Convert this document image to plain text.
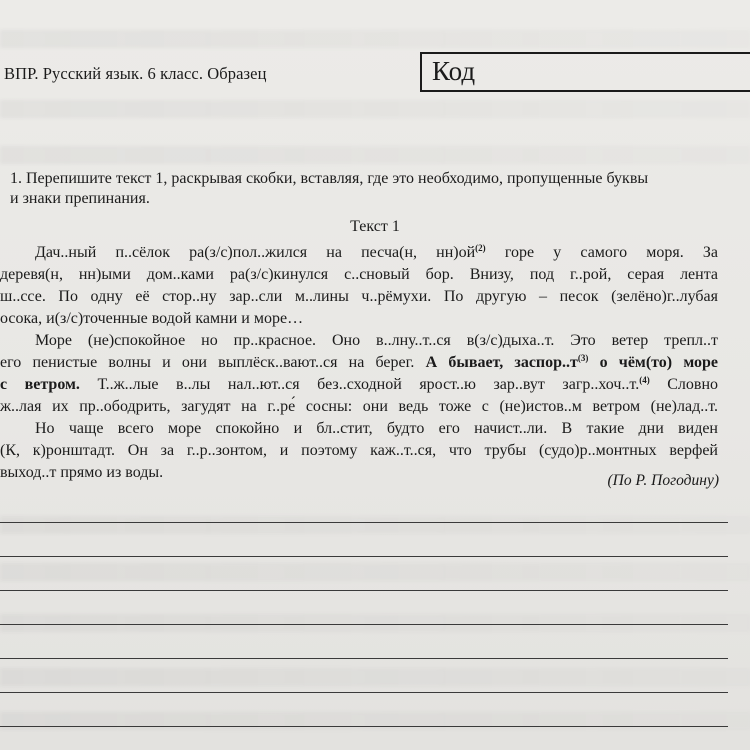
ВПР. Русский язык. 6 класс. Образец	Код
1. Перепишите текст 1, раскрывая скобки, вставляя, где это необходимо, пропущенные буквы
и знаки препинания.
Текст 1
Дач..ный п..сёлок ра(з/с)пол..жился на песча(н, $нн)ой^{(2)}$ горе у самого моря. За
деревя(н, нн)ыми дом..ками ра(з/с)кинулся с..сновый бор. Внизу, под г..рой, серая лента
ш..ссе. По одну её стор..ну зар..сли м..лины ч..рёмухи. По другую – песок (зелёно)г..лубая
осока, и(з/с)точенные водой камни и море…
Море (не)спокойное но пр..красное. Оно в..лну..т..ся в(з/с)дыха..т. Это ветер трепл..т
его пенистые волны и они выплёск..вают..ся на берег. А бывает, $заспор..т^{(3)}$ о чём(то) море
с ветром. Т..ж..лые в..лы нал..ют..ся без..сходной ярост..ю зар..вут загр..хоч..т.$^{(4)}$ Словно
ж..лая их пр..ободрить, загудят на г..ре́ сосны: они ведь тоже с (не)истов..м ветром (не)лад..т.
Но чаще всего море спокойно и бл..стит, будто его начист..ли. В такие дни виден
(К, к)ронштадт. Он за г..р..зонтом, и поэтому каж..т..ся, что трубы (судо)р..монтных верфей
выход..т прямо из воды.	(По Р. Погодину)
